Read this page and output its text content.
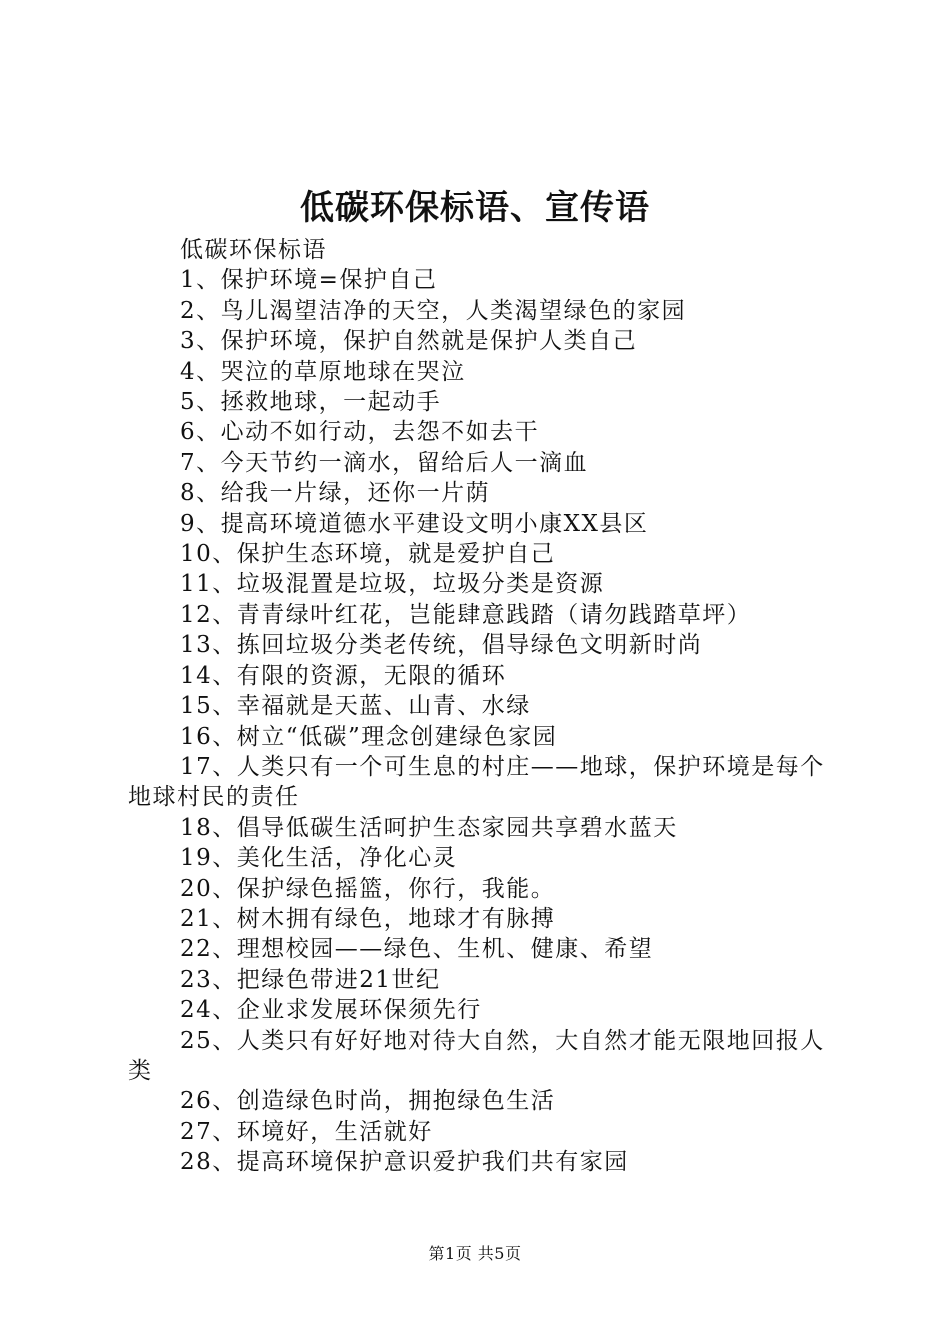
低碳环保标语、宣传语

低碳环保标语

1、保护环境=保护自己

2、鸟儿渴望洁净的天空，人类渴望绿色的家园

3、保护环境，保护自然就是保护人类自己

4、哭泣的草原地球在哭泣

5、拯救地球，一起动手

6、心动不如行动，去怨不如去干

7、今天节约一滴水，留给后人一滴血

8、给我一片绿，还你一片荫

9、提高环境道德水平建设文明小康XX县区

10、保护生态环境，就是爱护自己

11、垃圾混置是垃圾，垃圾分类是资源

12、青青绿叶红花，岂能肆意践踏（请勿践踏草坪）

13、拣回垃圾分类老传统，倡导绿色文明新时尚

14、有限的资源，无限的循环

15、幸福就是天蓝、山青、水绿

16、树立“低碳”理念创建绿色家园

17、人类只有一个可生息的村庄——地球，保护环境是每个地球村民的责任

18、倡导低碳生活呵护生态家园共享碧水蓝天

19、美化生活，净化心灵

20、保护绿色摇篮，你行，我能。

21、树木拥有绿色，地球才有脉搏

22、理想校园——绿色、生机、健康、希望

23、把绿色带进21世纪

24、企业求发展环保须先行

25、人类只有好好地对待大自然，大自然才能无限地回报人类

26、创造绿色时尚，拥抱绿色生活

27、环境好，生活就好

28、提高环境保护意识爱护我们共有家园

第1页 共5页
